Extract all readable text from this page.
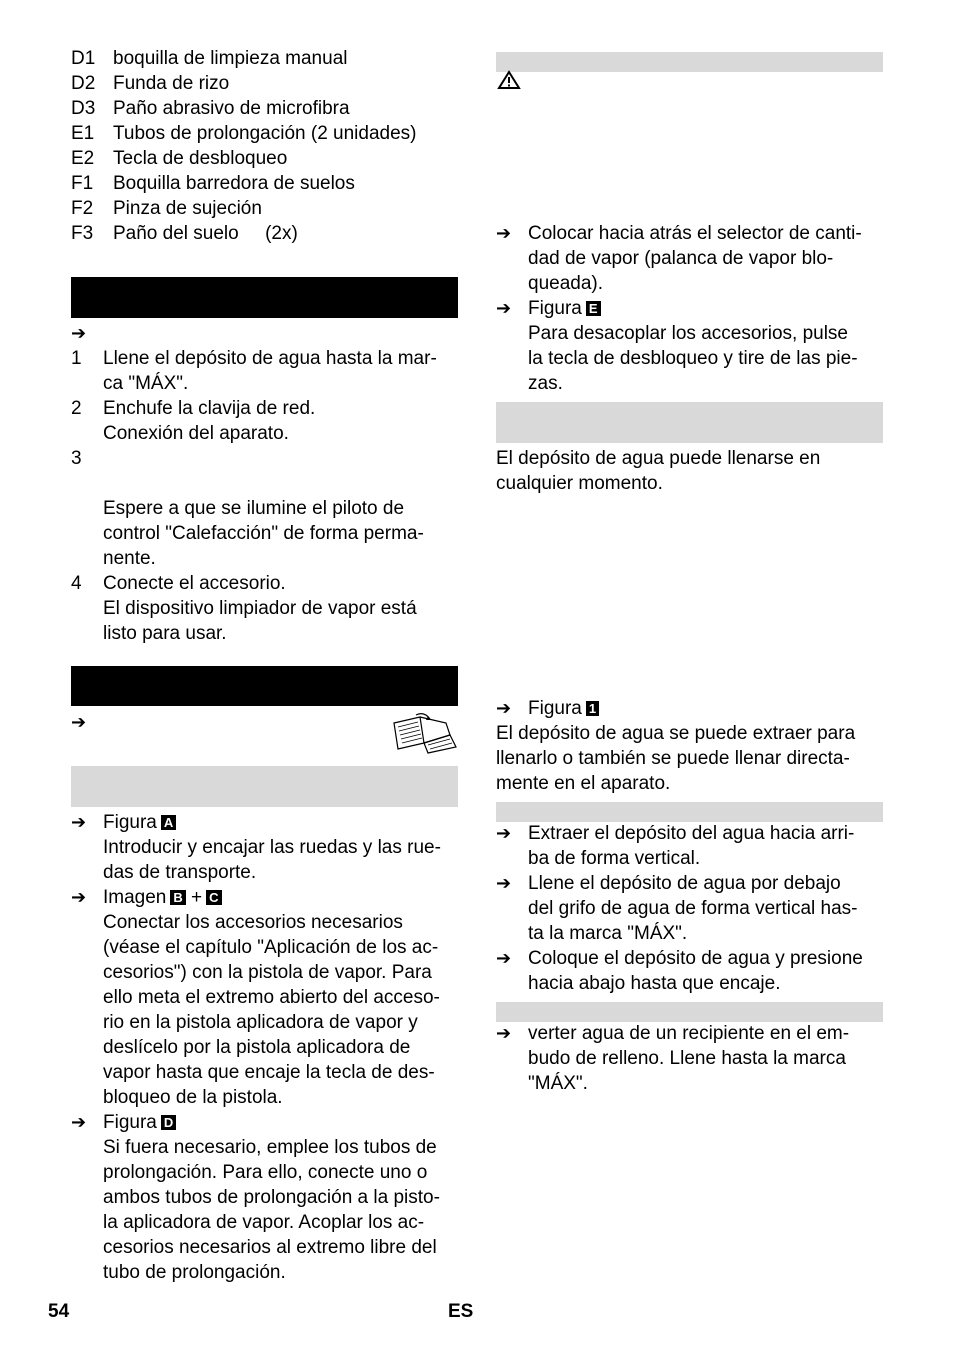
D1 boquilla de limpieza manual
D2 Funda de rizo
D3 Paño abrasivo de microfibra
E1 Tubos de prolongación (2 unidades)
E2 Tecla de desbloqueo
F1	Boquilla barredora de suelos
F2	Pinza de sujeción
F3	Paño del suelo     (2x)
➔
1	Llene el depósito de agua hasta la mar-
ca "MÁX".
2	Enchufe la clavija de red.
Conexión del aparato.
3
Espere a que se ilumine el piloto de
control "Calefacción" de forma perma-
nente.
4	Conecte el accesorio.
El dispositivo limpiador de vapor está
listo para usar.
➔
➔ Figura A
Introducir y encajar las ruedas y las rue-
das de transporte.
➔ Imagen B + C
Conectar los accesorios necesarios
(véase el capítulo "Aplicación de los ac-
cesorios") con la pistola de vapor. Para
ello meta el extremo abierto del acceso-
rio en la pistola aplicadora de vapor y
deslícelo por la pistola aplicadora de
vapor hasta que encaje la tecla de des-
bloqueo de la pistola.
➔ Figura D
Si fuera necesario, emplee los tubos de
prolongación. Para ello, conecte uno o
ambos tubos de prolongación a la pisto-
la aplicadora de vapor. Acoplar los ac-
cesorios necesarios al extremo libre del
tubo de prolongación.
➔ Colocar hacia atrás el selector de canti-
dad de vapor (palanca de vapor blo-
queada).
➔ Figura E
Para desacoplar los accesorios, pulse
la tecla de desbloqueo y tire de las pie-
zas.
El depósito de agua puede llenarse en
cualquier momento.
➔ Figura 1
El depósito de agua se puede extraer para
llenarlo o también se puede llenar directa-
mente en el aparato.
➔ Extraer el depósito del agua hacia arri-
ba de forma vertical.
➔ Llene el depósito de agua por debajo
del grifo de agua de forma vertical has-
ta la marca "MÁX".
➔ Coloque el depósito de agua y presione
hacia abajo hasta que encaje.
➔ verter agua de un recipiente en el em-
budo de relleno. Llene hasta la marca
"MÁX".
54	ES
